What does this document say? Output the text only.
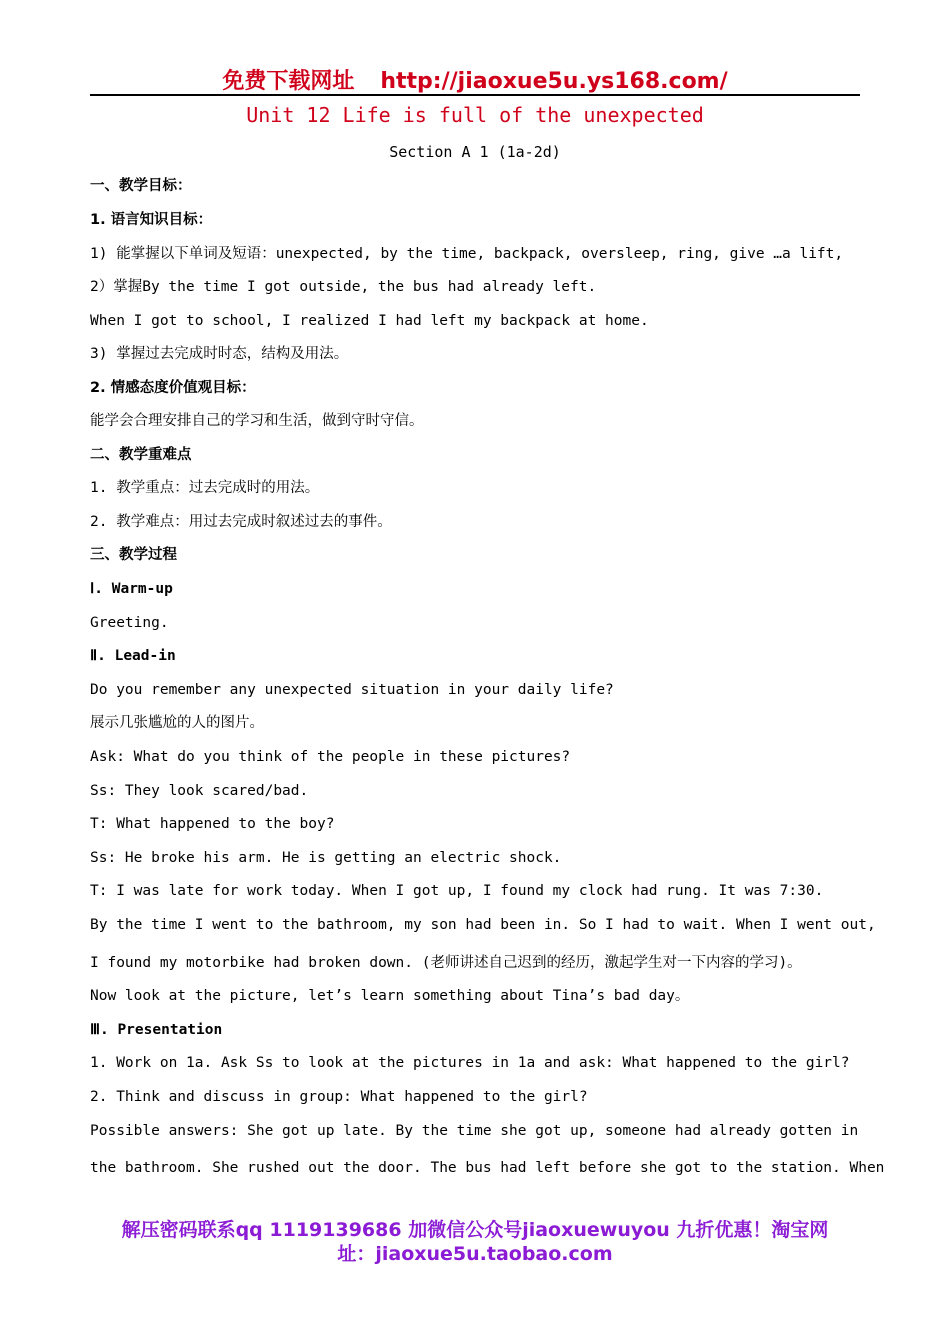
免费下载网址 http://jiaoxue5u.ys168.com/
Unit 12 Life is full of the unexpected
Section A 1 (1a-2d)
一、教学目标：
1. 语言知识目标：
1) 能掌握以下单词及短语：unexpected, by the time, backpack, oversleep, ring, give …a lift,
2）掌握By the time I got outside, the bus had already left.
When I got to school, I realized I had left my backpack at home.
3) 掌握过去完成时时态，结构及用法。
2. 情感态度价值观目标：
能学会合理安排自己的学习和生活，做到守时守信。
二、教学重难点
1. 教学重点：过去完成时的用法。
2. 教学难点：用过去完成时叙述过去的事件。
三、教学过程
Ⅰ. Warm-up
Greeting.
Ⅱ. Lead-in
Do you remember any unexpected situation in your daily life?
展示几张尴尬的人的图片。
Ask: What do you think of the people in these pictures?
Ss: They look scared/bad.
T: What happened to the boy?
Ss: He broke his arm. He is getting an electric shock.
T: I was late for work today. When I got up, I found my clock had rung. It was 7:30.
By the time I went to the bathroom, my son had been in. So I had to wait. When I went out,
I found my motorbike had broken down. (老师讲述自己迟到的经历，激起学生对一下内容的学习)。
Now look at the picture, let’s learn something about Tina’s bad day。
Ⅲ. Presentation
1. Work on 1a. Ask Ss to look at the pictures in 1a and ask: What happened to the girl?
2. Think and discuss in group: What happened to the girl?
Possible answers: She got up late. By the time she got up, someone had already gotten in
the bathroom. She rushed out the door. The bus had left before she got to the station. When
解压密码联系qq 1119139686 加微信公众号jiaoxuewuyou 九折优惠！淘宝网
址：jiaoxue5u.taobao.com
